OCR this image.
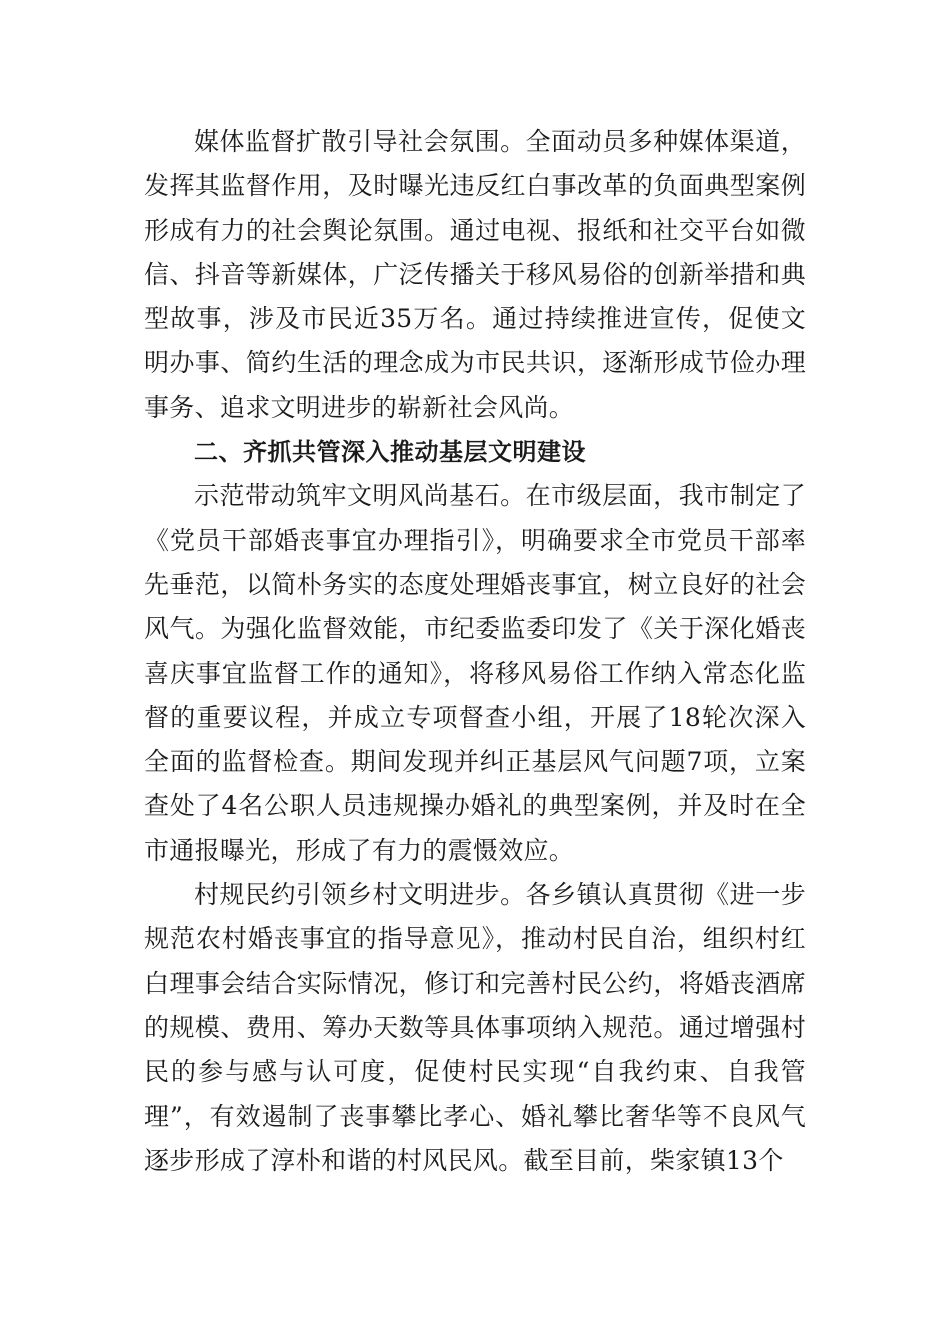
媒体监督扩散引导社会氛围。全面动员多种媒体渠道，发挥其监督作用，及时曝光违反红白事改革的负面典型案例形成有力的社会舆论氛围。通过电视、报纸和社交平台如微信、抖音等新媒体，广泛传播关于移风易俗的创新举措和典型故事，涉及市民近35万名。通过持续推进宣传，促使文明办事、简约生活的理念成为市民共识，逐渐形成节俭办理事务、追求文明进步的崭新社会风尚。

二、齐抓共管深入推动基层文明建设

示范带动筑牢文明风尚基石。在市级层面，我市制定了《党员干部婚丧事宜办理指引》，明确要求全市党员干部率先垂范，以简朴务实的态度处理婚丧事宜，树立良好的社会风气。为强化监督效能，市纪委监委印发了《关于深化婚丧喜庆事宜监督工作的通知》，将移风易俗工作纳入常态化监督的重要议程，并成立专项督查小组，开展了18轮次深入全面的监督检查。期间发现并纠正基层风气问题7项，立案查处了4名公职人员违规操办婚礼的典型案例，并及时在全市通报曝光，形成了有力的震慑效应。

村规民约引领乡村文明进步。各乡镇认真贯彻《进一步规范农村婚丧事宜的指导意见》，推动村民自治，组织村红白理事会结合实际情况，修订和完善村民公约，将婚丧酒席的规模、费用、筹办天数等具体事项纳入规范。通过增强村民的参与感与认可度，促使村民实现“自我约束、自我管理”，有效遏制了丧事攀比孝心、婚礼攀比奢华等不良风气逐步形成了淳朴和谐的村风民风。截至目前，柴家镇13个
